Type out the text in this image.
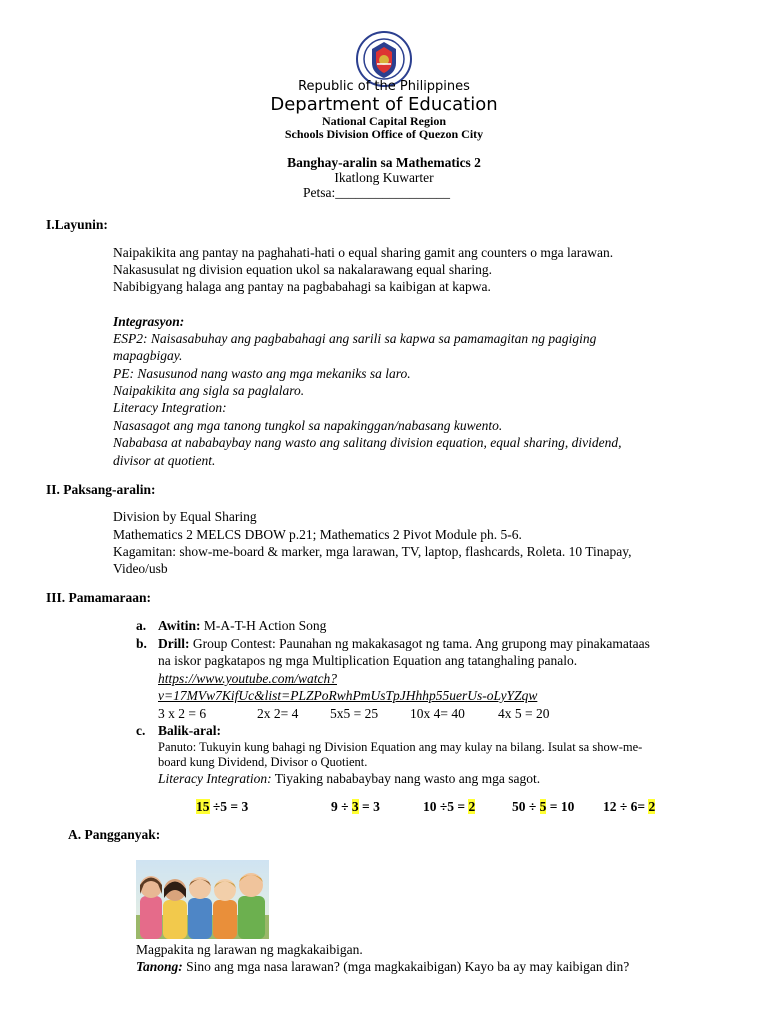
Republic of the Philippines
Department of Education
National Capital Region
Schools Division Office of Quezon City
Banghay-aralin sa Mathematics 2
Ikatlong Kuwarter
Petsa:_________________
I.Layunin:
Naipakikita ang pantay na paghahati-hati o equal sharing gamit ang counters o mga larawan.
Nakasusulat ng division equation ukol sa nakalarawang equal sharing.
Nabibigyang halaga ang pantay na pagbabahagi sa kaibigan at kapwa.
Integrasyon:
ESP2: Naisasabuhay ang pagbabahagi ang sarili sa kapwa sa pamamagitan ng pagiging
mapagbigay.
PE: Nasusunod nang wasto ang mga mekaniks sa laro.
Naipakikita ang sigla sa paglalaro.
Literacy Integration:
Nasasagot ang mga tanong tungkol sa napakinggan/nabasang kuwento.
Nababasa at nababaybay nang wasto ang salitang division equation, equal sharing, dividend,
divisor at quotient.
II. Paksang-aralin:
Division by Equal Sharing
Mathematics 2 MELCS DBOW p.21; Mathematics 2 Pivot Module ph. 5-6.
Kagamitan: show-me-board & marker, mga larawan, TV, laptop, flashcards, Roleta. 10 Tinapay,
Video/usb
III. Pamamaraan:
a. Awitin: M-A-T-H Action Song
b. Drill: Group Contest: Paunahan ng makakasagot ng tama. Ang grupong may pinakamataas
na iskor pagkatapos ng mga Multiplication Equation ang tatanghaling panalo.
https://www.youtube.com/watch?
v=17MVw7KifUc&list=PLZPoRwhPmUsTpJHhhp55uerUs-oLyYZqw
3 x 2 = 6	2x 2= 4 5x5 = 25 10x 4= 40 4x 5 = 20
c. Balik-aral:
Panuto: Tukuyin kung bahagi ng Division Equation ang may kulay na bilang. Isulat sa show-me-
board kung Dividend, Divisor o Quotient.
Literacy Integration: Tiyaking nababaybay nang wasto ang mga sagot.
15 ÷5 = 3	9 ÷ 3 = 3	10 ÷5 = 2	50 ÷ 5 = 10 12 ÷ 6= 2
A. Pangganyak:
Magpakita ng larawan ng magkakaibigan.
Tanong: Sino ang mga nasa larawan? (mga magkakaibigan) Kayo ba ay may kaibigan din?
